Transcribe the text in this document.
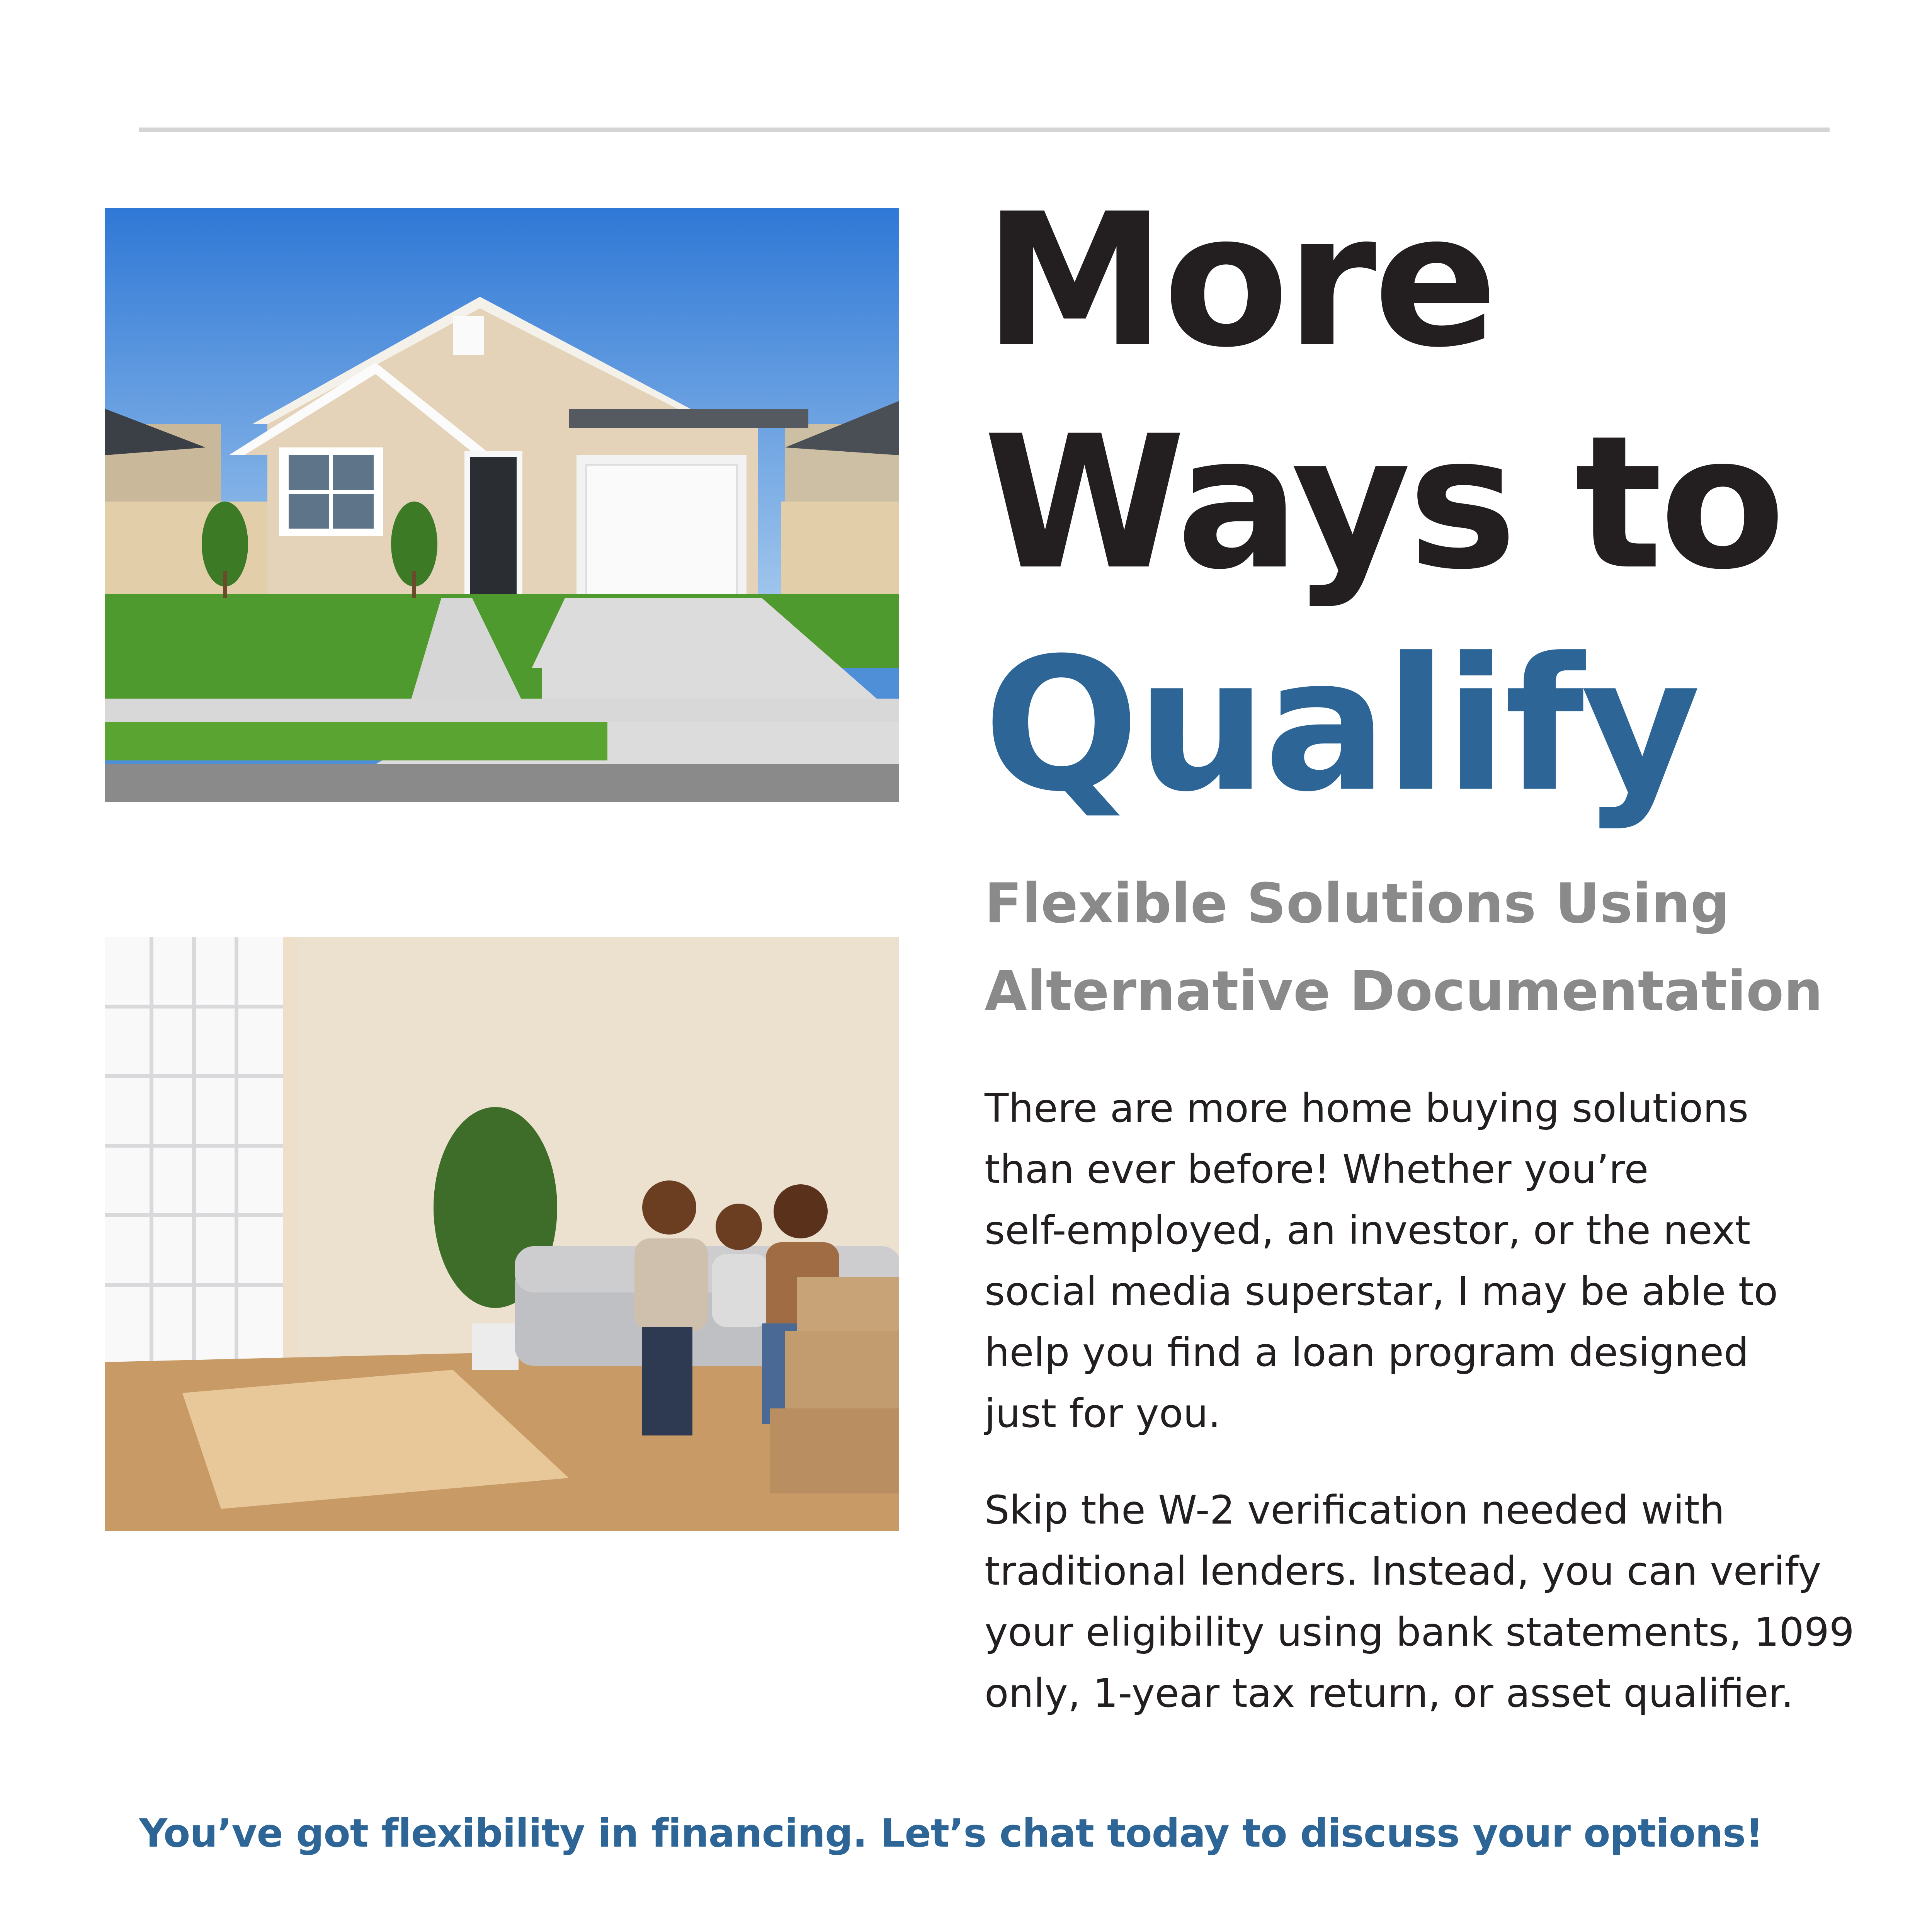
More
Ways to
Qualify
Flexible Solutions Using
Alternative Documentation
There are more home buying solutions
than ever before! Whether you’re
self-employed, an investor, or the next
social media superstar, I may be able to
help you find a loan program designed
just for you.
Skip the W-2 verification needed with
traditional lenders. Instead, you can verify
your eligibility using bank statements, 1099
only, 1-year tax return, or asset qualifier.
You’ve got flexibility in financing. Let’s chat today to discuss your options!
